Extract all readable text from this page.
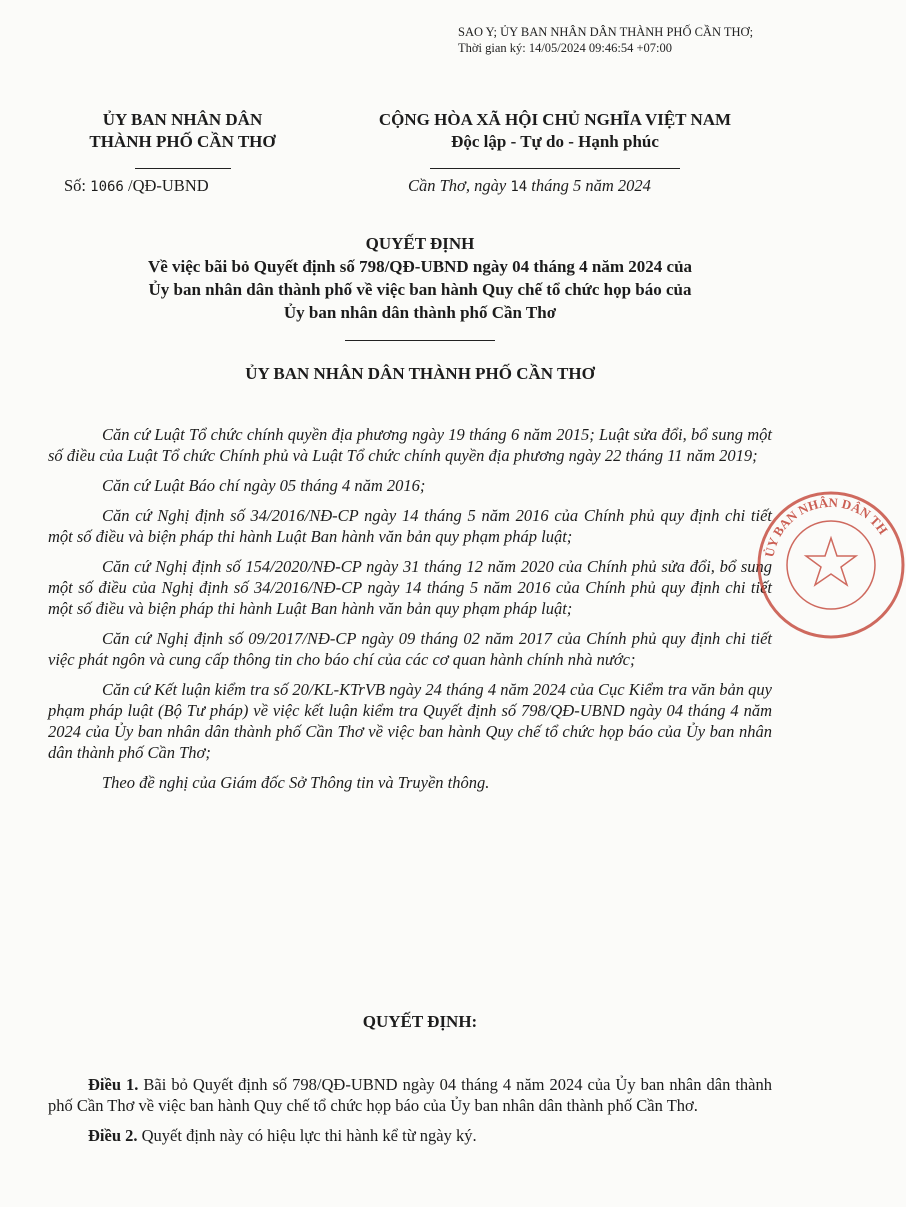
SAO Y; ỦY BAN NHÂN DÂN THÀNH PHỐ CẦN THƠ;
Thời gian ký: 14/05/2024 09:46:54 +07:00
ỦY BAN NHÂN DÂN
THÀNH PHỐ CẦN THƠ
CỘNG HÒA XÃ HỘI CHỦ NGHĨA VIỆT NAM
Độc lập - Tự do - Hạnh phúc
Số: 1066 /QĐ-UBND	Cần Thơ, ngày 14 tháng 5 năm 2024
QUYẾT ĐỊNH
Về việc bãi bỏ Quyết định số 798/QĐ-UBND ngày 04 tháng 4 năm 2024 của
Ủy ban nhân dân thành phố về việc ban hành Quy chế tổ chức họp báo của
Ủy ban nhân dân thành phố Cần Thơ
ỦY BAN NHÂN DÂN THÀNH PHỐ CẦN THƠ

Căn cứ Luật Tổ chức chính quyền địa phương ngày 19 tháng 6 năm 2015; Luật sửa đổi, bổ sung một số điều của Luật Tổ chức Chính phủ và Luật Tổ chức chính quyền địa phương ngày 22 tháng 11 năm 2019;

Căn cứ Luật Báo chí ngày 05 tháng 4 năm 2016;

Căn cứ Nghị định số 34/2016/NĐ-CP ngày 14 tháng 5 năm 2016 của Chính phủ quy định chi tiết một số điều và biện pháp thi hành Luật Ban hành văn bản quy phạm pháp luật;

Căn cứ Nghị định số 154/2020/NĐ-CP ngày 31 tháng 12 năm 2020 của Chính phủ sửa đổi, bổ sung một số điều của Nghị định số 34/2016/NĐ-CP ngày 14 tháng 5 năm 2016 của Chính phủ quy định chi tiết một số điều và biện pháp thi hành Luật Ban hành văn bản quy phạm pháp luật;

Căn cứ Nghị định số 09/2017/NĐ-CP ngày 09 tháng 02 năm 2017 của Chính phủ quy định chi tiết việc phát ngôn và cung cấp thông tin cho báo chí của các cơ quan hành chính nhà nước;

Căn cứ Kết luận kiểm tra số 20/KL-KTrVB ngày 24 tháng 4 năm 2024 của Cục Kiểm tra văn bản quy phạm pháp luật (Bộ Tư pháp) về việc kết luận kiểm tra Quyết định số 798/QĐ-UBND ngày 04 tháng 4 năm 2024 của Ủy ban nhân dân thành phố Cần Thơ về việc ban hành Quy chế tổ chức họp báo của Ủy ban nhân dân thành phố Cần Thơ;

Theo đề nghị của Giám đốc Sở Thông tin và Truyền thông.

QUYẾT ĐỊNH:

Điều 1. Bãi bỏ Quyết định số 798/QĐ-UBND ngày 04 tháng 4 năm 2024 của Ủy ban nhân dân thành phố Cần Thơ về việc ban hành Quy chế tổ chức họp báo của Ủy ban nhân dân thành phố Cần Thơ.

Điều 2. Quyết định này có hiệu lực thi hành kể từ ngày ký.

ỦY BAN NHÂN DÂN TH
